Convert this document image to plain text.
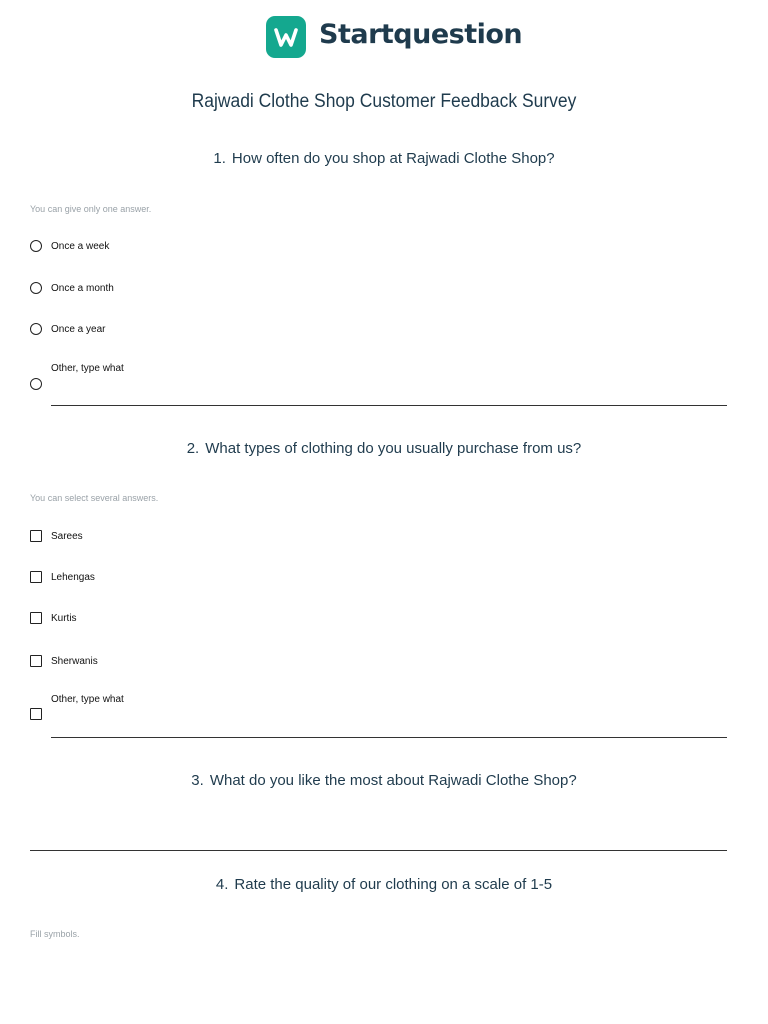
Startquestion
Rajwadi Clothe Shop Customer Feedback Survey
1. How often do you shop at Rajwadi Clothe Shop?
You can give only one answer.
Once a week
Once a month
Once a year
Other, type what
2. What types of clothing do you usually purchase from us?
You can select several answers.
Sarees
Lehengas
Kurtis
Sherwanis
Other, type what
3. What do you like the most about Rajwadi Clothe Shop?
4. Rate the quality of our clothing on a scale of 1-5
Fill symbols.
